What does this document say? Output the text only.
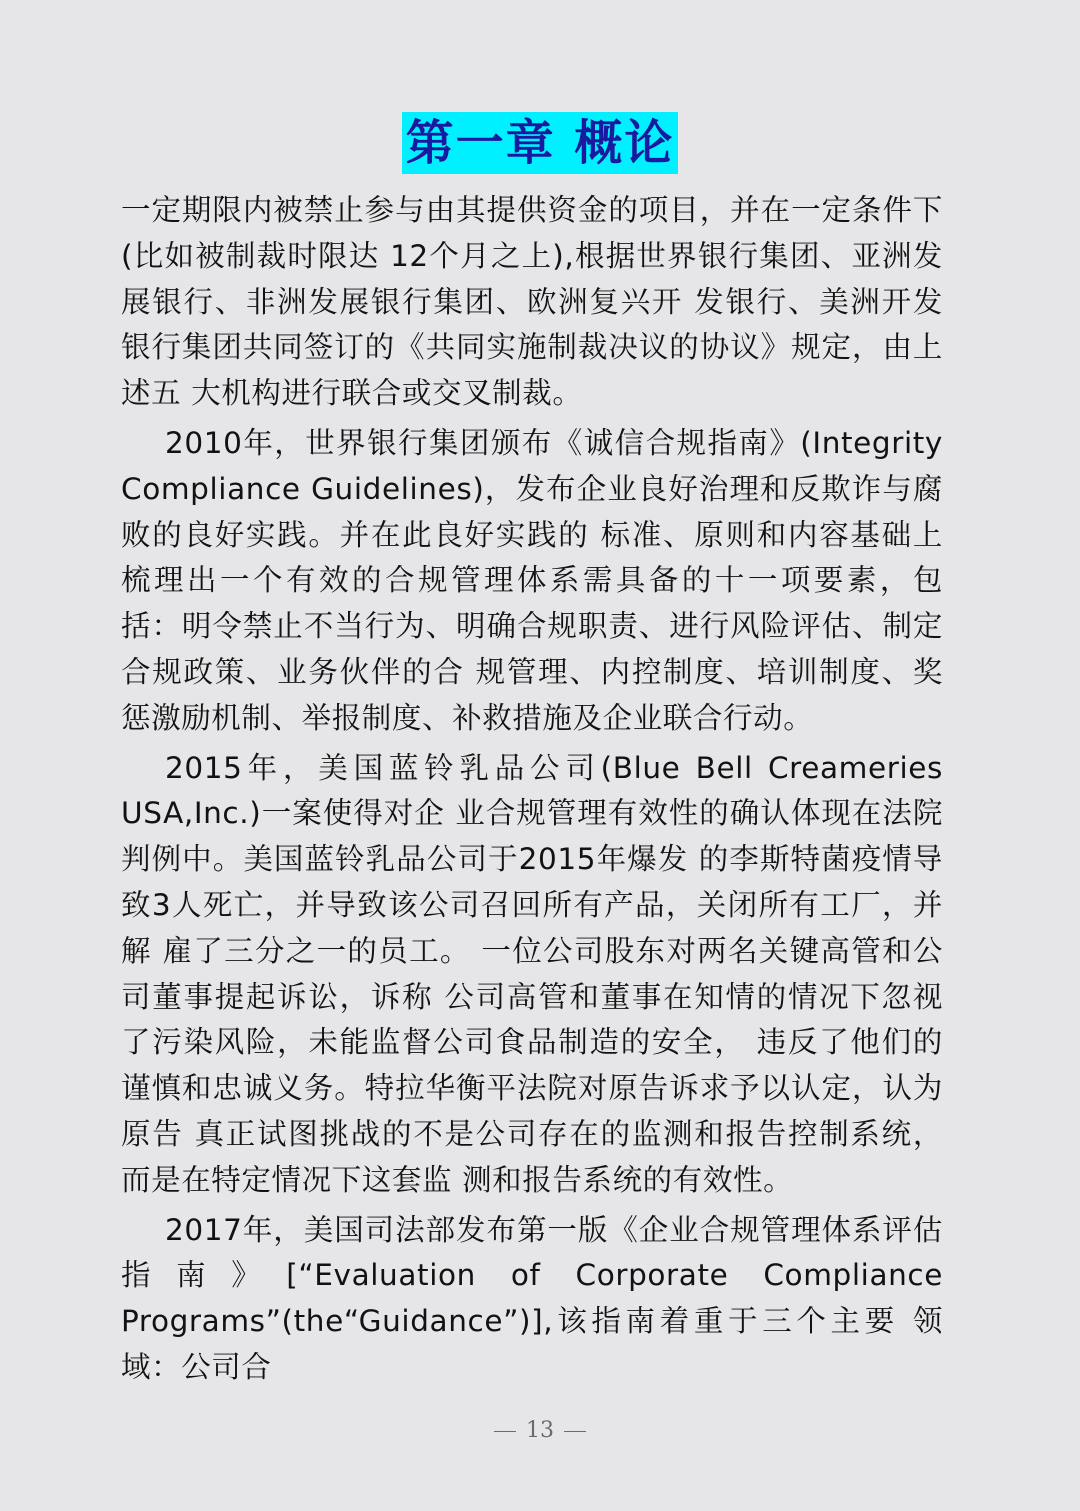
第一章 概论

一定期限内被禁止参与由其提供资金的项目，并在一定条件下(比如被制裁时限达 12个月之上),根据世界银行集团、亚洲发展银行、非洲发展银行集团、欧洲复兴开 发银行、美洲开发银行集团共同签订的《共同实施制裁决议的协议》规定，由上述五 大机构进行联合或交叉制裁。

2010年，世界银行集团颁布《诚信合规指南》(Integrity Compliance Guidelines)，发布企业良好治理和反欺诈与腐败的良好实践。并在此良好实践的 标准、原则和内容基础上梳理出一个有效的合规管理体系需具备的十一项要素，包 括：明令禁止不当行为、明确合规职责、进行风险评估、制定合规政策、业务伙伴的合 规管理、内控制度、培训制度、奖惩激励机制、举报制度、补救措施及企业联合行动。

2015年，美国蓝铃乳品公司(Blue Bell Creameries USA,Inc.)一案使得对企 业合规管理有效性的确认体现在法院判例中。美国蓝铃乳品公司于2015年爆发 的李斯特菌疫情导致3人死亡，并导致该公司召回所有产品，关闭所有工厂，并解 雇了三分之一的员工。 一位公司股东对两名关键高管和公司董事提起诉讼，诉称 公司高管和董事在知情的情况下忽视了污染风险，未能监督公司食品制造的安全， 违反了他们的谨慎和忠诚义务。特拉华衡平法院对原告诉求予以认定，认为原告 真正试图挑战的不是公司存在的监测和报告控制系统，而是在特定情况下这套监 测和报告系统的有效性。

2017年，美国司法部发布第一版《企业合规管理体系评估指南》[“Evaluation of Corporate Compliance Programs”(the“Guidance”)],该指南着重于三个主要 领域：公司合

13
